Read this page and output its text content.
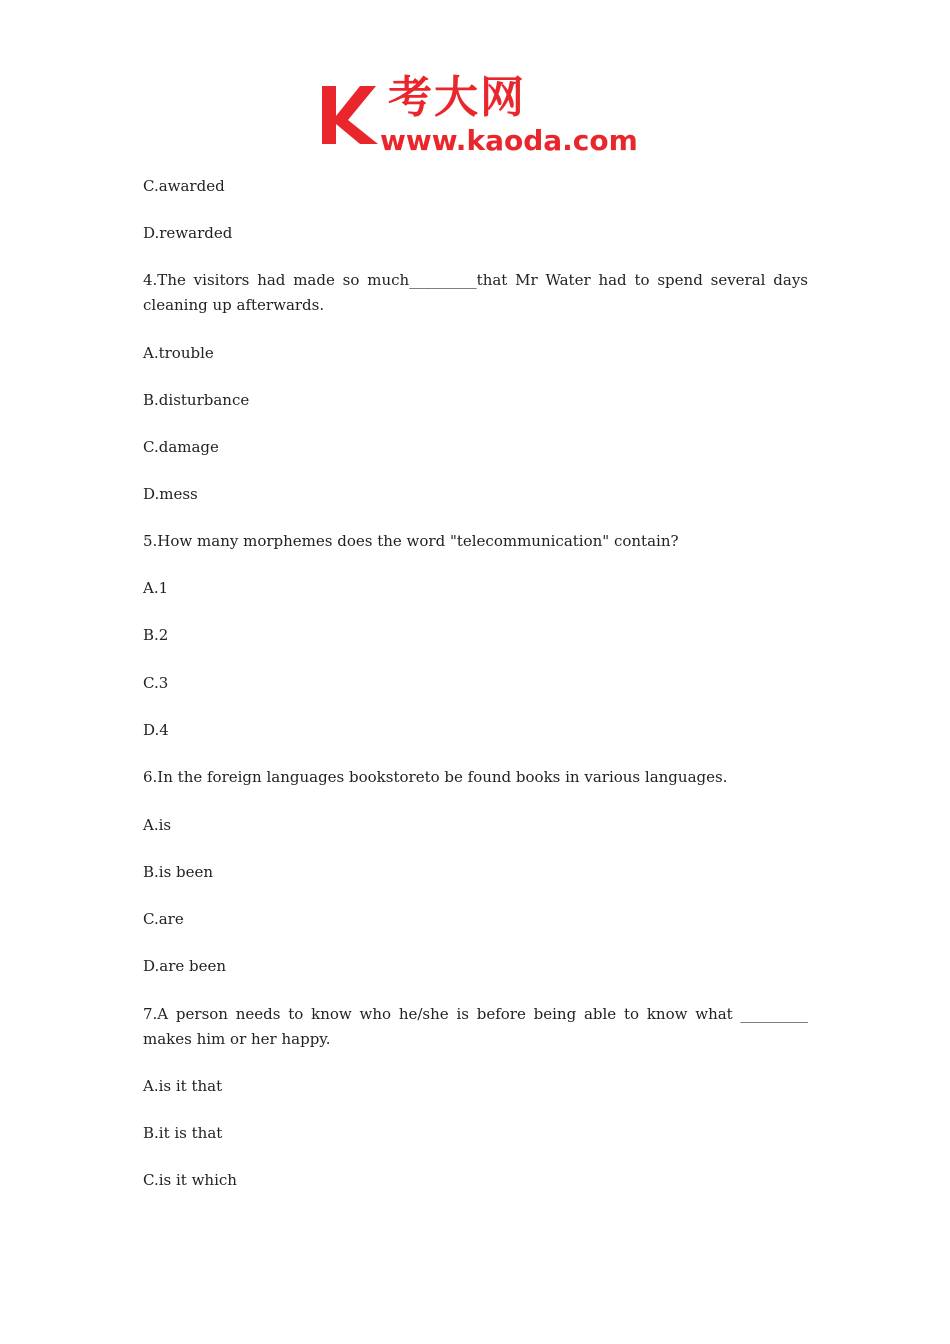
考大网
www.kaoda.com

C.awarded

D.rewarded

4.The visitors had made so much_________that Mr Water had to spend several days cleaning up afterwards.

A.trouble

B.disturbance

C.damage

D.mess

5.How many morphemes does the word "telecommunication" contain?

A.1

B.2

C.3

D.4

6.In the foreign languages bookstoreto be found books in various languages.

A.is

B.is been

C.are

D.are been

7.A person needs to know who he/she is before being able to know what _________ makes him or her happy.

A.is it that

B.it is that

C.is it which
